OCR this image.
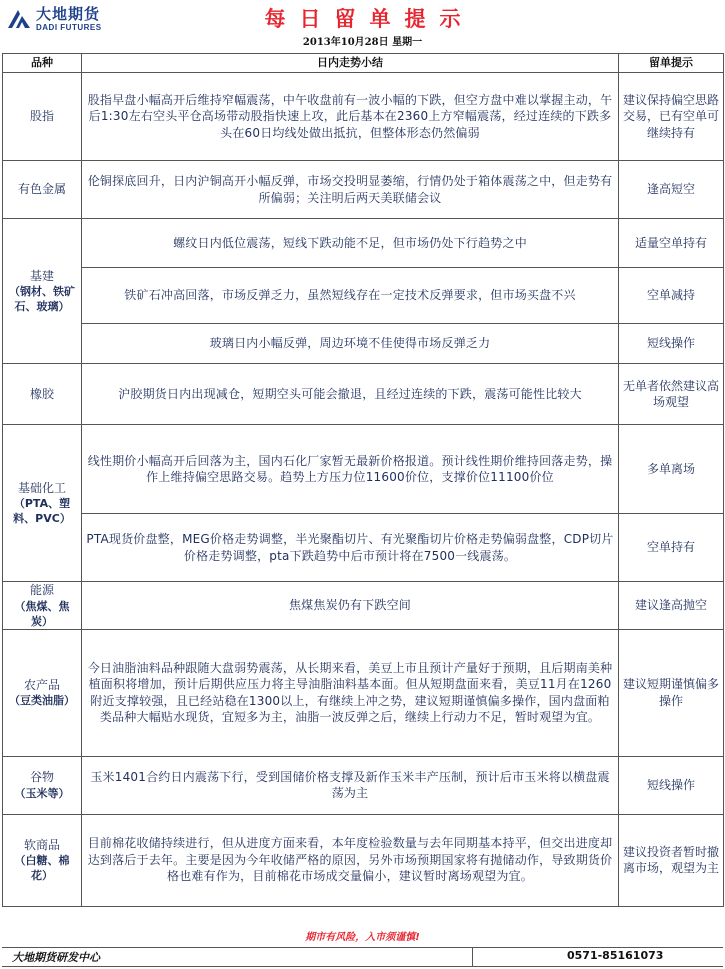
大地期货
DADI FUTURES	每日留单提示
2013年10月28日 星期一
品种	日内走势小结	留单提示

股指	股指早盘小幅高开后维持窄幅震荡，中午收盘前有一波小幅的下跌，但空方盘中难以掌握主动，午后1:30左右空头平仓高场带动股指快速上攻，此后基本在2360上方窄幅震荡，经过连续的下跌多头在60日均线处做出抵抗，但整体形态仍然偏弱	建议保持偏空思路交易，已有空单可继续持有

有色金属	伦铜探底回升，日内沪铜高开小幅反弹，市场交投明显萎缩，行情仍处于箱体震荡之中，但走势有所偏弱；关注明后两天美联储会议	逢高短空

基建
（钢材、铁矿石、玻璃）	螺纹日内低位震荡，短线下跌动能不足，但市场仍处下行趋势之中	适量空单持有
	铁矿石冲高回落，市场反弹乏力，虽然短线存在一定技术反弹要求，但市场买盘不兴	空单减持
	玻璃日内小幅反弹，周边环境不佳使得市场反弹乏力	短线操作

橡胶	沪胶期货日内出现减仓，短期空头可能会撤退，且经过连续的下跌，震荡可能性比较大	无单者依然建议高场观望

基础化工
（PTA、塑料、PVC）	线性期价小幅高开后回落为主，国内石化厂家暂无最新价格报道。预计线性期价维持回落走势，操作上维持偏空思路交易。趋势上方压力位11600价位，支撑价位11100价位	多单离场
	PTA现货价盘整，MEG价格走势调整，半光聚酯切片、有光聚酯切片价格走势偏弱盘整，CDP切片价格走势调整，pta下跌趋势中后市预计将在7500一线震荡。	空单持有

能源
（焦煤、焦炭）	焦煤焦炭仍有下跌空间	建议逢高抛空

农产品
（豆类油脂）	今日油脂油料品种跟随大盘弱势震荡，从长期来看，美豆上市且预计产量好于预期，且后期南美种植面积将增加，预计后期供应压力将主导油脂油料基本面。但从短期盘面来看，美豆11月在1260附近支撑较强，且已经站稳在1300以上，有继续上冲之势，建议短期谨慎偏多操作，国内盘面粕类品种大幅贴水现货，宜短多为主，油脂一波反弹之后，继续上行动力不足，暂时观望为宜。	建议短期谨慎偏多操作

谷物
（玉米等）	玉米1401合约日内震荡下行，受到国储价格支撑及新作玉米丰产压制，预计后市玉米将以横盘震荡为主	短线操作

软商品
（白糖、棉花）	目前棉花收储持续进行，但从进度方面来看，本年度检验数量与去年同期基本持平，但交出进度却达到落后于去年。主要是因为今年收储严格的原因，另外市场预期国家将有抛储动作，导致期货价格也难有作为，目前棉花市场成交量偏小，建议暂时离场观望为宜。	建议投资者暂时撤离市场，观望为主
期市有风险，入市须谨慎!
大地期货研发中心	0571-85161073
